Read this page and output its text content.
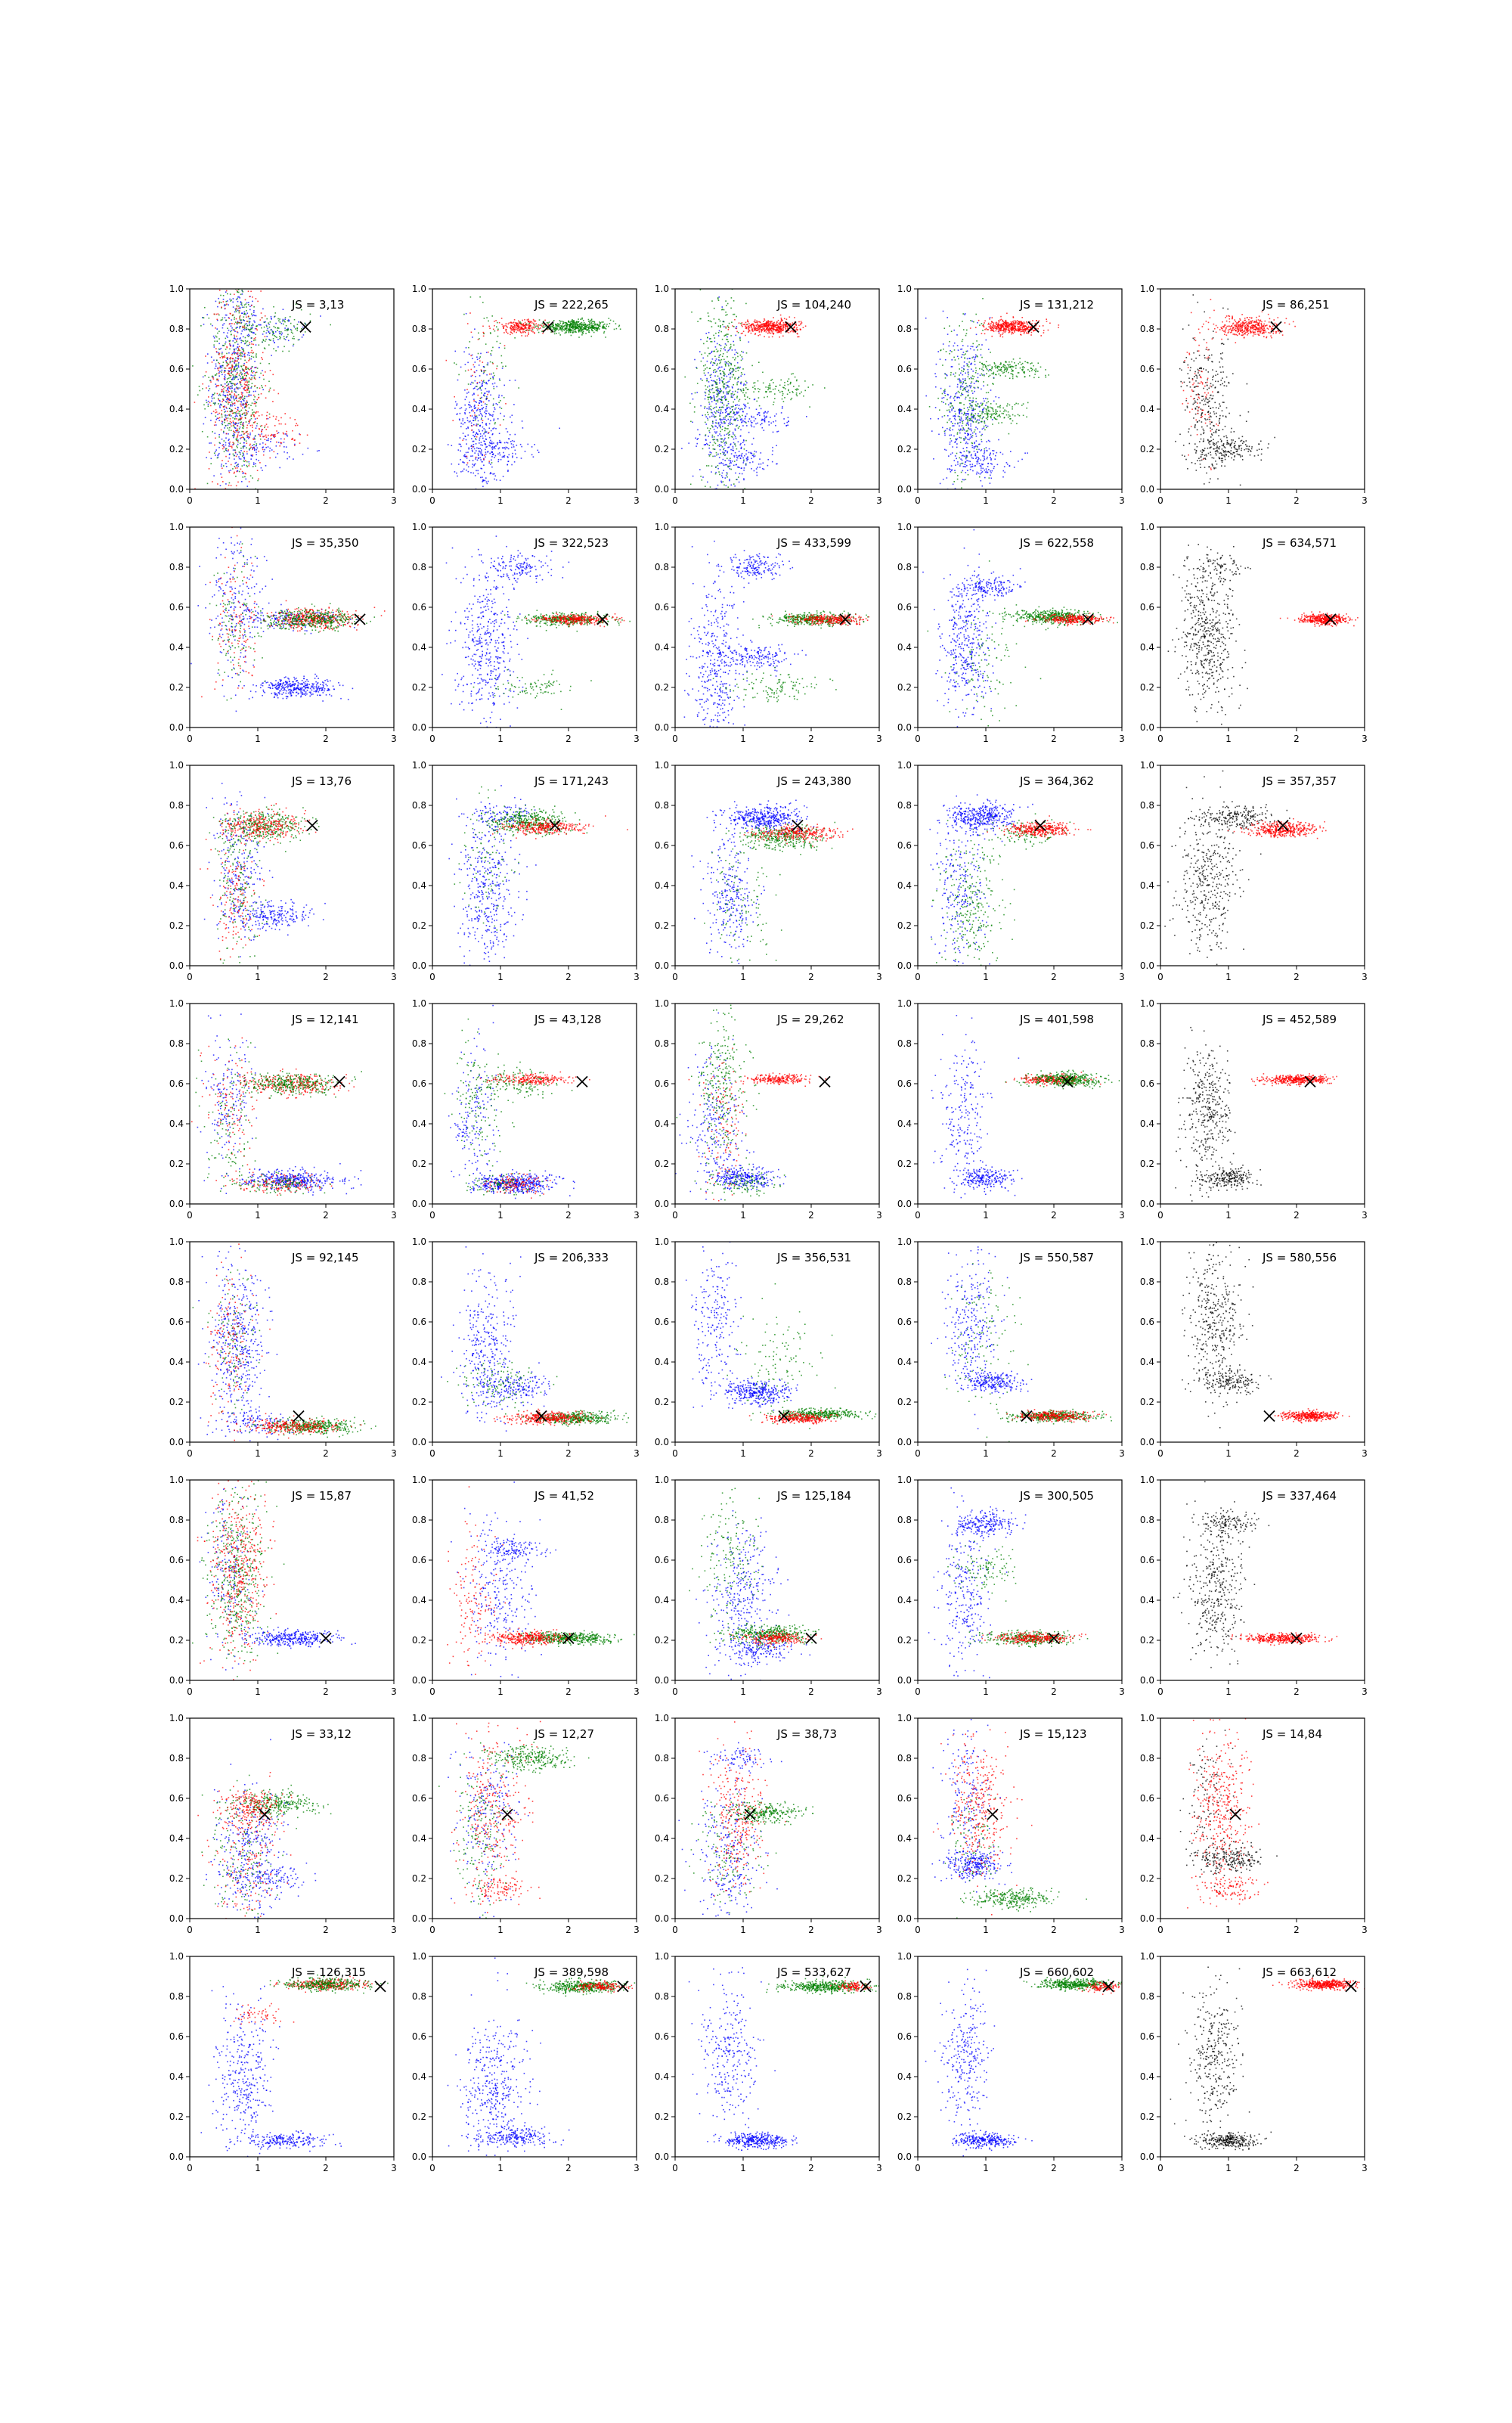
0	1	2	3
0.0
0.2
0.4
0.6
0.8
1.0
JS = 3,13
0	1	2	3
0.0
0.2
0.4
0.6
0.8
1.0
JS = 222,265
0	1	2	3
0.0
0.2
0.4
0.6
0.8
1.0
JS = 104,240
0	1	2	3
0.0
0.2
0.4
0.6
0.8
1.0
JS = 131,212
0	1	2	3
0.0
0.2
0.4
0.6
0.8
1.0
JS = 86,251
0	1	2	3
0.0
0.2
0.4
0.6
0.8
1.0
JS = 35,350
0	1	2	3
0.0
0.2
0.4
0.6
0.8
1.0
JS = 322,523
0	1	2	3
0.0
0.2
0.4
0.6
0.8
1.0
JS = 433,599
0	1	2	3
0.0
0.2
0.4
0.6
0.8
1.0
JS = 622,558
0	1	2	3
0.0
0.2
0.4
0.6
0.8
1.0
JS = 634,571
0	1	2	3
0.0
0.2
0.4
0.6
0.8
1.0
JS = 13,76
0	1	2	3
0.0
0.2
0.4
0.6
0.8
1.0
JS = 171,243
0	1	2	3
0.0
0.2
0.4
0.6
0.8
1.0
JS = 243,380
0	1	2	3
0.0
0.2
0.4
0.6
0.8
1.0
JS = 364,362
0	1	2	3
0.0
0.2
0.4
0.6
0.8
1.0
JS = 357,357
0	1	2	3
0.0
0.2
0.4
0.6
0.8
1.0
JS = 12,141
0	1	2	3
0.0
0.2
0.4
0.6
0.8
1.0
JS = 43,128
0	1	2	3
0.0
0.2
0.4
0.6
0.8
1.0
JS = 29,262
0	1	2	3
0.0
0.2
0.4
0.6
0.8
1.0
JS = 401,598
0	1	2	3
0.0
0.2
0.4
0.6
0.8
1.0
JS = 452,589
0	1	2	3
0.0
0.2
0.4
0.6
0.8
1.0
JS = 92,145
0	1	2	3
0.0
0.2
0.4
0.6
0.8
1.0
JS = 206,333
0	1	2	3
0.0
0.2
0.4
0.6
0.8
1.0
JS = 356,531
0	1	2	3
0.0
0.2
0.4
0.6
0.8
1.0
JS = 550,587
0	1	2	3
0.0
0.2
0.4
0.6
0.8
1.0
JS = 580,556
0	1	2	3
0.0
0.2
0.4
0.6
0.8
1.0
JS = 15,87
0	1	2	3
0.0
0.2
0.4
0.6
0.8
1.0
JS = 41,52
0	1	2	3
0.0
0.2
0.4
0.6
0.8
1.0
JS = 125,184
0	1	2	3
0.0
0.2
0.4
0.6
0.8
1.0
JS = 300,505
0	1	2	3
0.0
0.2
0.4
0.6
0.8
1.0
JS = 337,464
0	1	2	3
0.0
0.2
0.4
0.6
0.8
1.0
JS = 33,12
0	1	2	3
0.0
0.2
0.4
0.6
0.8
1.0
JS = 12,27
0	1	2	3
0.0
0.2
0.4
0.6
0.8
1.0
JS = 38,73
0	1	2	3
0.0
0.2
0.4
0.6
0.8
1.0
JS = 15,123
0	1	2	3
0.0
0.2
0.4
0.6
0.8
1.0
JS = 14,84
0	1	2	3
0.0
0.2
0.4
0.6
0.8
1.0
JS = 126,315
0	1	2	3
0.0
0.2
0.4
0.6
0.8
1.0
JS = 389,598
0	1	2	3
0.0
0.2
0.4
0.6
0.8
1.0
JS = 533,627
0	1	2	3
0.0
0.2
0.4
0.6
0.8
1.0
JS = 660,602
0	1	2	3
0.0
0.2
0.4
0.6
0.8
1.0
JS = 663,612
